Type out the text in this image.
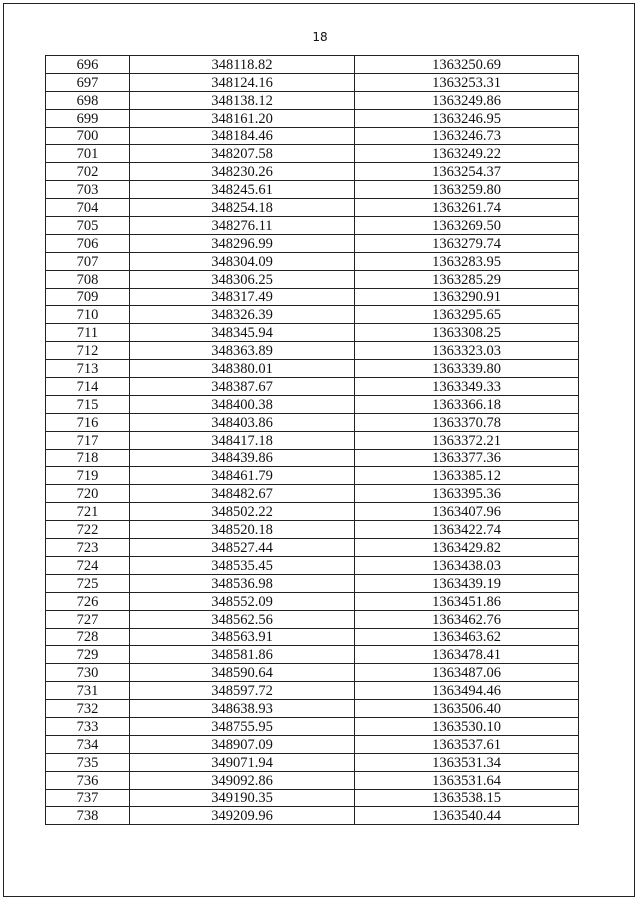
18
696	348118.82	1363250.69
697	348124.16	1363253.31
698	348138.12	1363249.86
699	348161.20	1363246.95
700	348184.46	1363246.73
701	348207.58	1363249.22
702	348230.26	1363254.37
703	348245.61	1363259.80
704	348254.18	1363261.74
705	348276.11	1363269.50
706	348296.99	1363279.74
707	348304.09	1363283.95
708	348306.25	1363285.29
709	348317.49	1363290.91
710	348326.39	1363295.65
711	348345.94	1363308.25
712	348363.89	1363323.03
713	348380.01	1363339.80
714	348387.67	1363349.33
715	348400.38	1363366.18
716	348403.86	1363370.78
717	348417.18	1363372.21
718	348439.86	1363377.36
719	348461.79	1363385.12
720	348482.67	1363395.36
721	348502.22	1363407.96
722	348520.18	1363422.74
723	348527.44	1363429.82
724	348535.45	1363438.03
725	348536.98	1363439.19
726	348552.09	1363451.86
727	348562.56	1363462.76
728	348563.91	1363463.62
729	348581.86	1363478.41
730	348590.64	1363487.06
731	348597.72	1363494.46
732	348638.93	1363506.40
733	348755.95	1363530.10
734	348907.09	1363537.61
735	349071.94	1363531.34
736	349092.86	1363531.64
737	349190.35	1363538.15
738	349209.96	1363540.44
